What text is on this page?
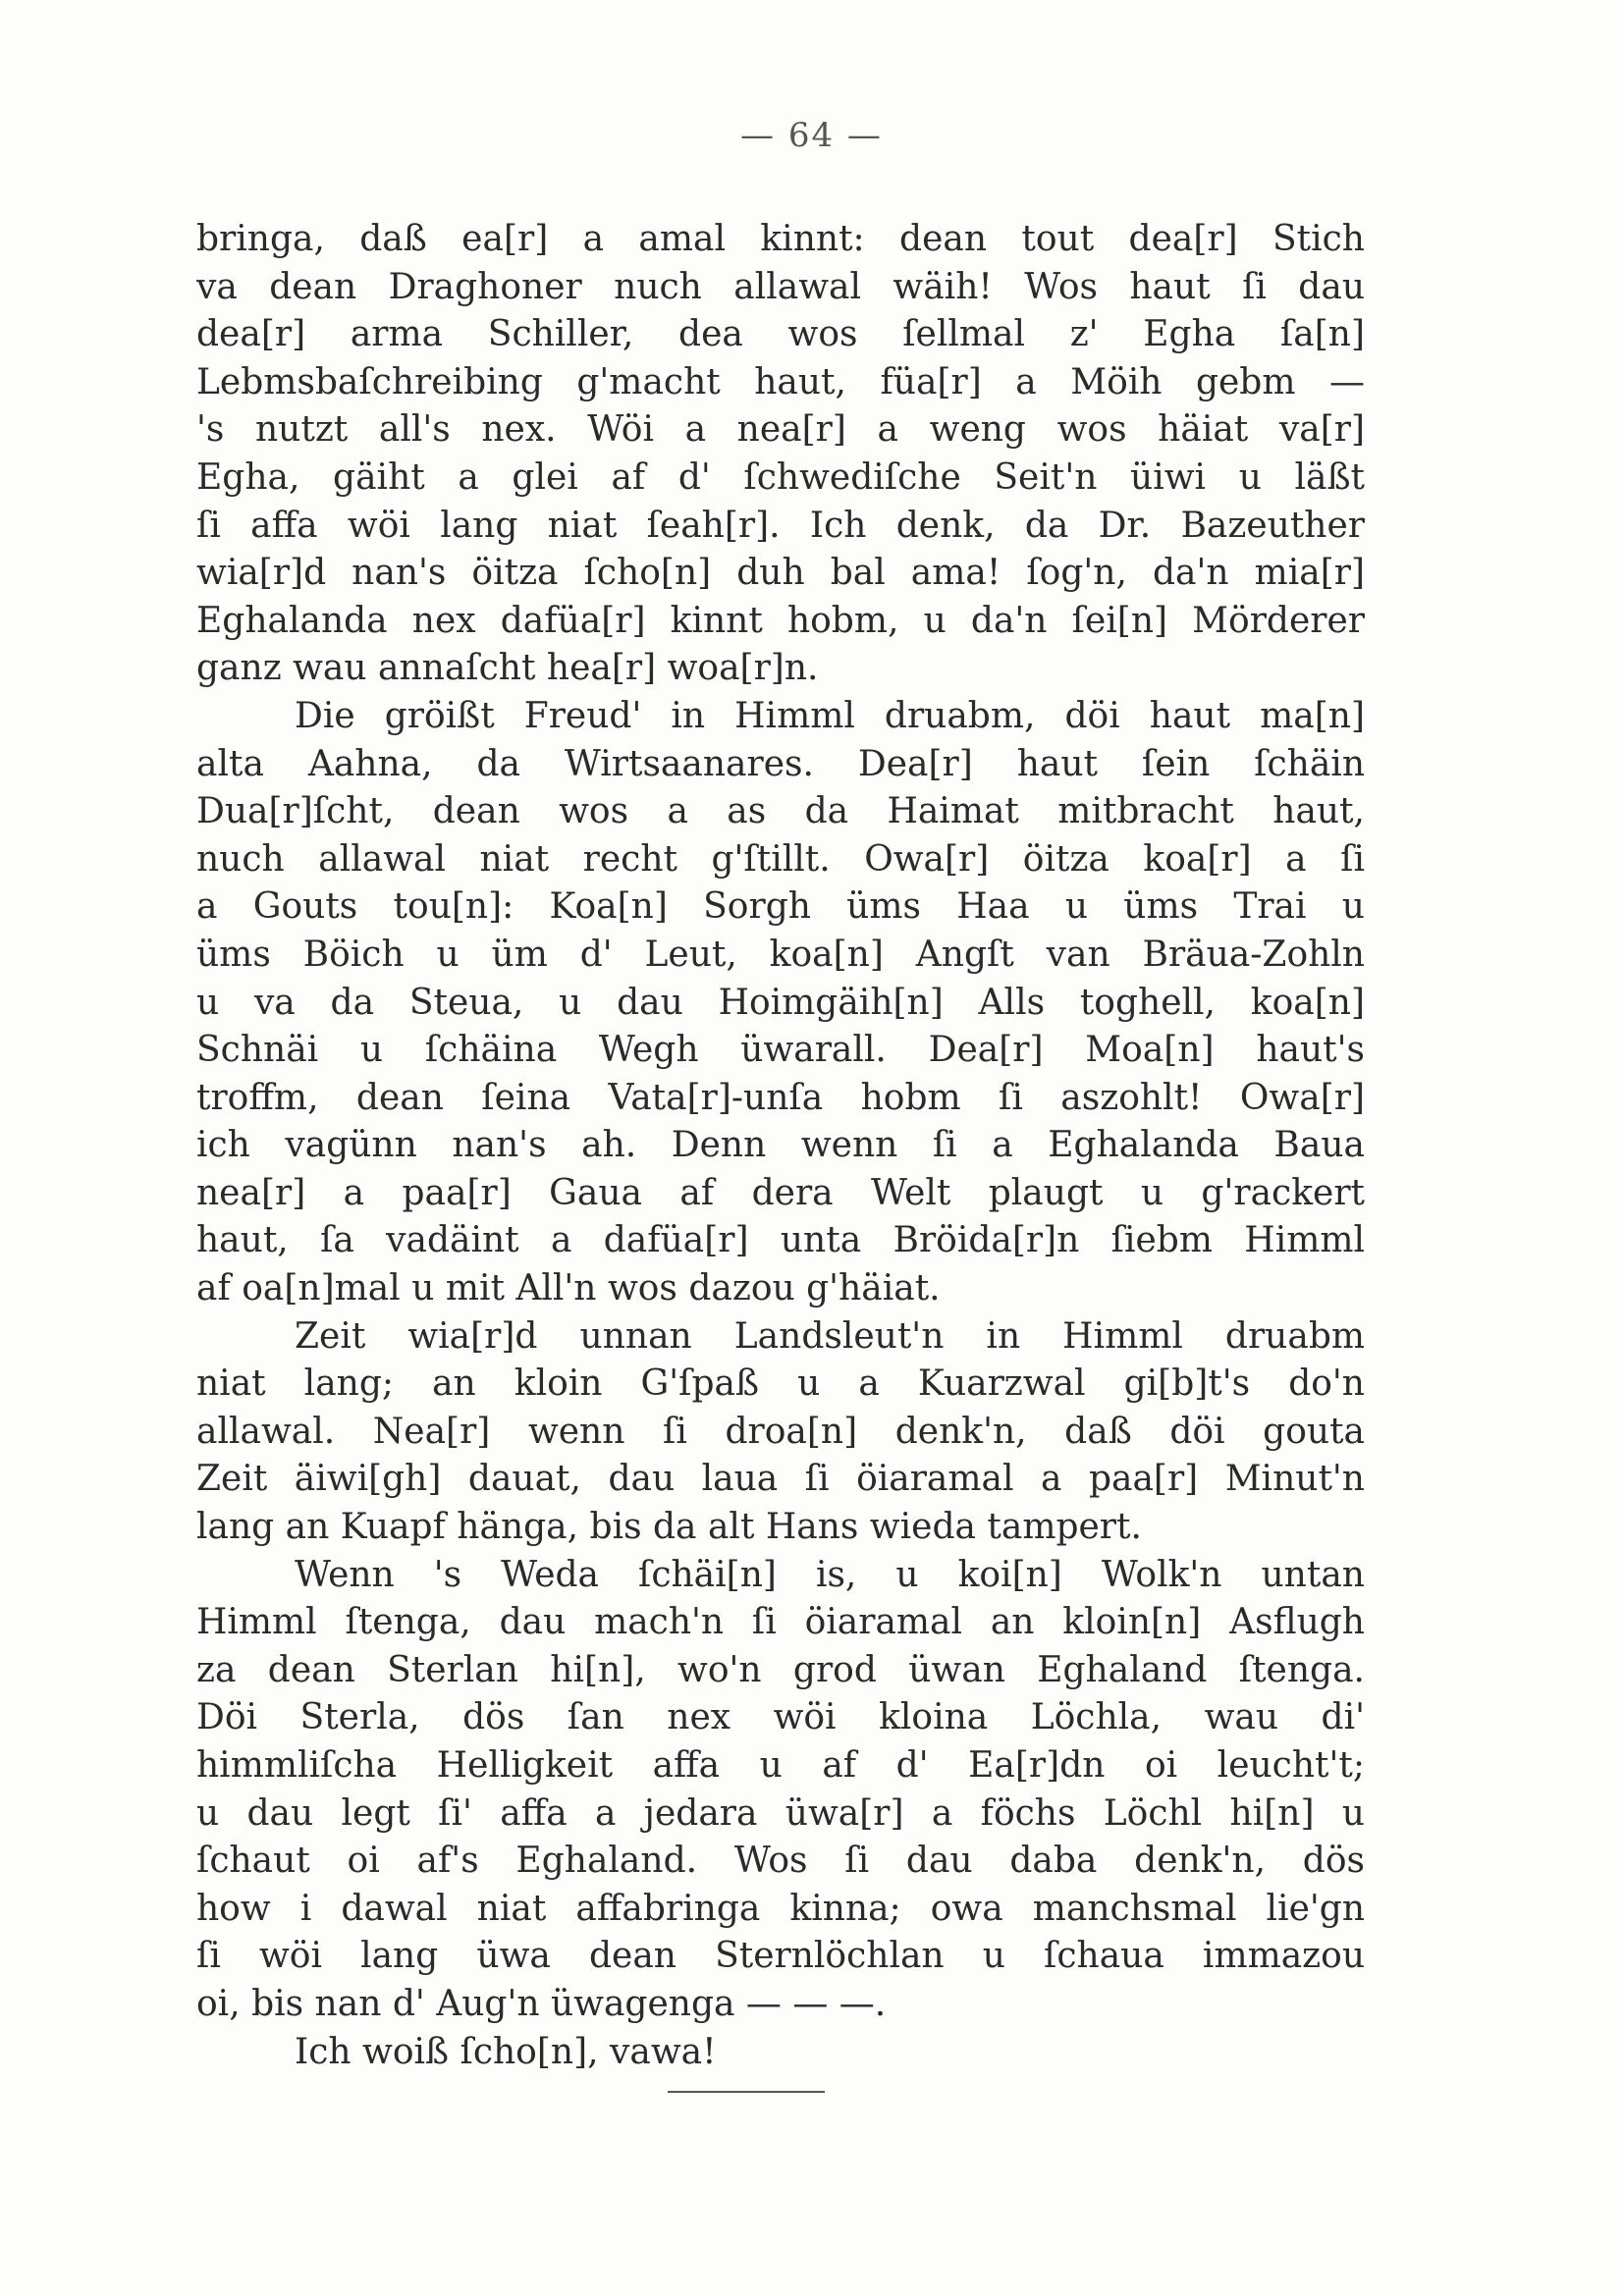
— 64 —
bringa, daß ea[r] a amal kinnt: dean tout dea[r] Stich
va dean Draghoner nuch allawal wäih! Wos haut ſi dau
dea[r] arma Schiller, dea wos ſellmal z' Egha ſa[n]
Lebmsbaſchreibing g'macht haut, füa[r] a Möih gebm —
's nutzt all's nex. Wöi a nea[r] a weng wos häiat va[r]
Egha, gäiht a glei af d' ſchwediſche Seit'n üiwi u läßt
ſi affa wöi lang niat ſeah[r]. Ich denk, da Dr. Bazeuther
wia[r]d nan's öitza ſcho[n] duh bal ama! ſog'n, da'n mia[r]
Eghalanda nex dafüa[r] kinnt hobm, u da'n ſei[n] Mörderer
ganz wau annaſcht hea[r] woa[r]n.
Die gröißt Freud' in Himml druabm, döi haut ma[n]
alta Aahna, da Wirtsaanares. Dea[r] haut ſein ſchäin
Dua[r]ſcht, dean wos a as da Haimat mitbracht haut,
nuch allawal niat recht g'ſtillt. Owa[r] öitza koa[r] a ſi
a Gouts tou[n]: Koa[n] Sorgh üms Haa u üms Trai u
üms Böich u üm d' Leut, koa[n] Angſt van Bräua-Zohln
u va da Steua, u dau Hoimgäih[n] Alls toghell, koa[n]
Schnäi u ſchäina Wegh üwarall. Dea[r] Moa[n] haut's
troffm, dean ſeina Vata[r]-unſa hobm ſi aszohlt! Owa[r]
ich vagünn nan's ah. Denn wenn ſi a Eghalanda Baua
nea[r] a paa[r] Gaua af dera Welt plaugt u g'rackert
haut, ſa vadäint a dafüa[r] unta Bröida[r]n ſiebm Himml
af oa[n]mal u mit All'n wos dazou g'häiat.
Zeit wia[r]d unnan Landsleut'n in Himml druabm
niat lang; an kloin G'ſpaß u a Kuarzwal gi[b]t's do'n
allawal. Nea[r] wenn ſi droa[n] denk'n, daß döi gouta
Zeit äiwi[gh] dauat, dau laua ſi öiaramal a paa[r] Minut'n
lang an Kuapf hänga, bis da alt Hans wieda tampert.
Wenn 's Weda ſchäi[n] is, u koi[n] Wolk'n untan
Himml ſtenga, dau mach'n ſi öiaramal an kloin[n] Asflugh
za dean Sterlan hi[n], wo'n grod üwan Eghaland ſtenga.
Döi Sterla, dös ſan nex wöi kloina Löchla, wau di'
himmliſcha Helligkeit affa u af d' Ea[r]dn oi leucht't;
u dau legt ſi' affa a jedara üwa[r] a föchs Löchl hi[n] u
ſchaut oi af's Eghaland. Wos ſi dau daba denk'n, dös
how i dawal niat affabringa kinna; owa manchsmal lie'gn
ſi wöi lang üwa dean Sternlöchlan u ſchaua immazou
oi, bis nan d' Aug'n üwagenga — — —.
Ich woiß ſcho[n], vawa!
